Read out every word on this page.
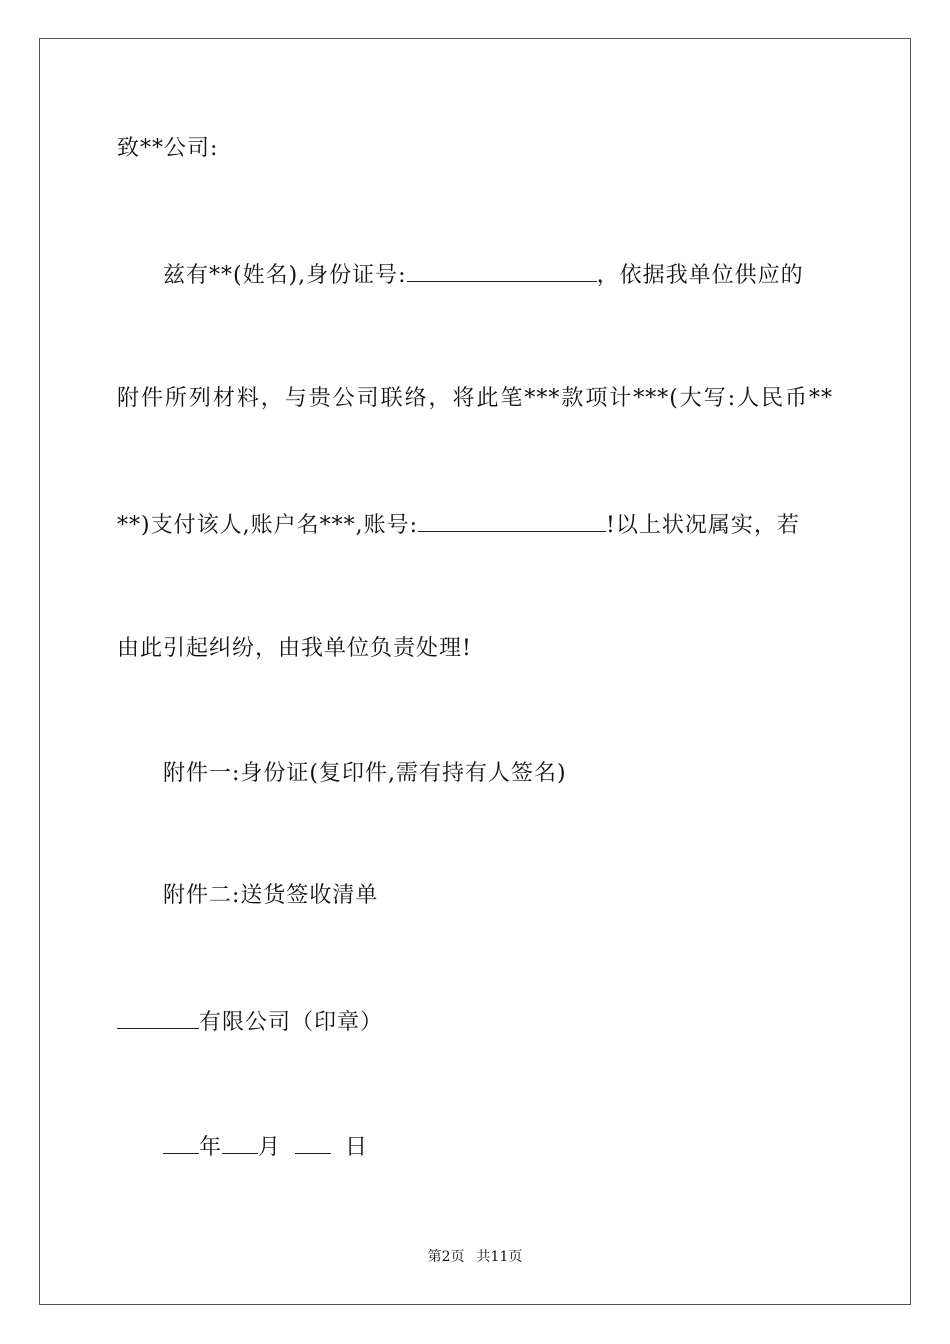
致**公司:
兹有**(姓名),身份证号:	，依据我单位供应的
附件所列材料，与贵公司联络，将此笔***款项计***(大写:人民币**
**)支付该人,账户名***,账号:	!以上状况属实，若
由此引起纠纷，由我单位负责处理!
附件一:身份证(复印件,需有持有人签名)
附件二:送货签收清单
有限公司（印章）
年 月	日
第2页 共11页
